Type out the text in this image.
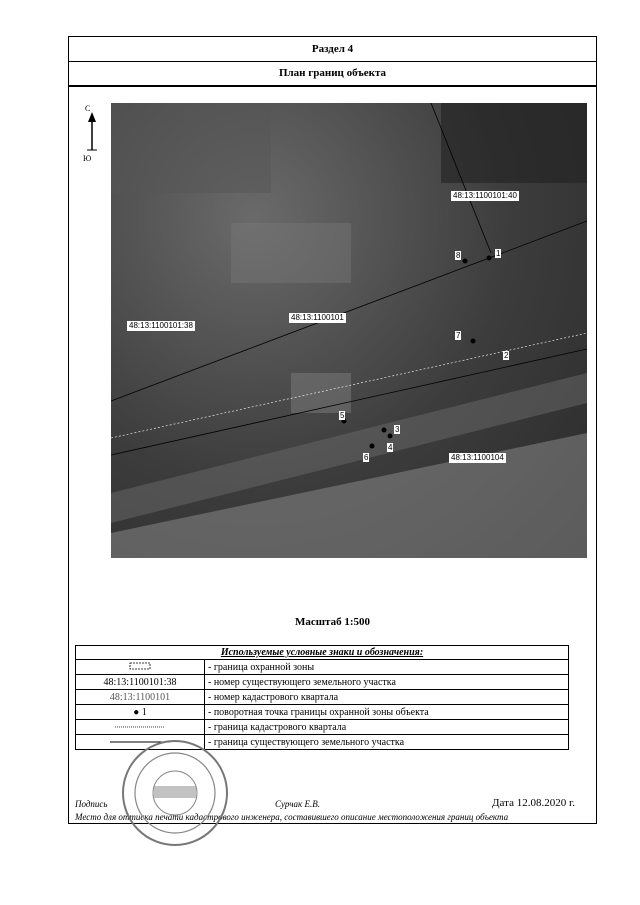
Раздел 4
План границ объекта
С
Ю
48:13:1100101:40
48:13:1100101:38
48:13:1100101
48:13:1100104
1
2
3
4
5
6
7
8
Масштаб 1:500
Используемые условные знаки и обозначения:	
	- граница охранной зоны
48:13:1100101:38	- номер существующего земельного участка
48:13:1100101	- номер кадастрового квартала
● 1	- поворотная точка границы охранной зоны объекта
	- граница кадастрового квартала
	- граница существующего земельного участка
Подпись	Сурчак Е.В.	Дата 12.08.2020 г.
Место для оттиска печати кадастрового инженера, составившего описание местоположения границ объекта
